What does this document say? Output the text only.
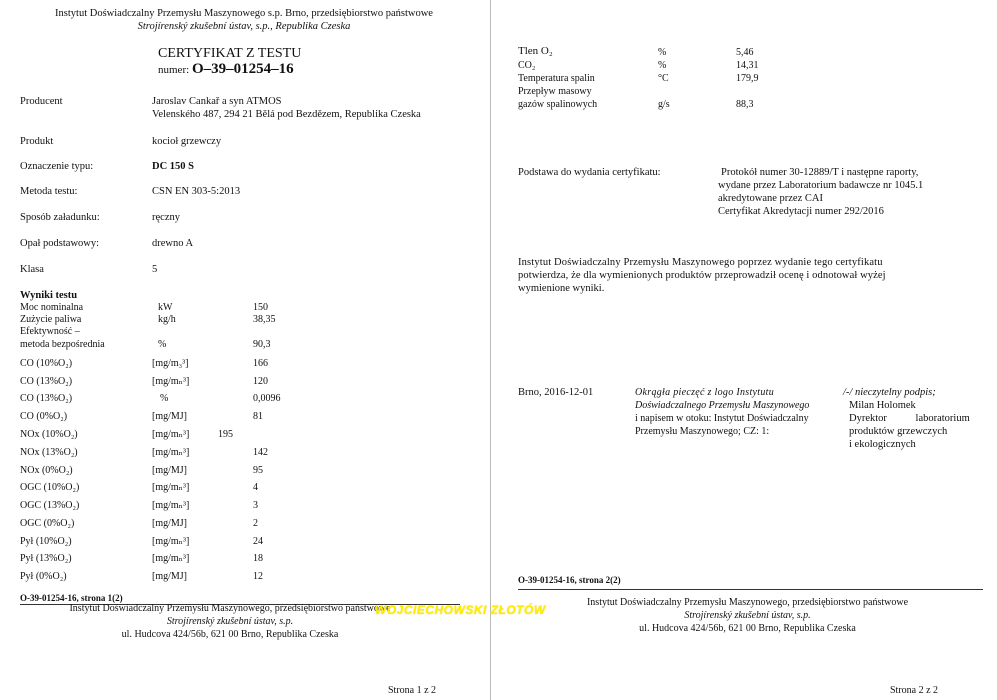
Instytut Doświadczalny Przemysłu Maszynowego s.p. Brno, przedsiębiorstwo państwowe
Strojírenský zkušební ústav, s.p., Republika Czeska
CERTYFIKAT Z TESTU
numer: O–39–01254–16
Producent	Jaroslav Cankař a syn ATMOS
Velenského 487, 294 21 Bělá pod Bezdězem, Republika Czeska
Produkt	kocioł grzewczy
Oznaczenie typu:	DC 150 S
Metoda testu:	CSN EN 303-5:2013
Sposób załadunku:	ręczny
Opał podstawowy:	drewno A
Klasa	5
Wyniki testu
Moc nominalna	kW	150
Zużycie paliwa	kg/h	38,35
Efektywność –
metoda bezpośrednia	%	90,3
CO (10%O₂)	[mg/m₃³]	166
CO (13%O₂)	[mg/mₙ³]	120
CO (13%O₂)	%	0,0096
CO (0%O₂)	[mg/MJ]	81
NOx (10%O₂)	[mg/mₙ³]	195
NOx (13%O₂)	[mg/mₙ³]	142
NOx (0%O₂)	[mg/MJ]	95
OGC (10%O₂)	[mg/mₙ³]	4
OGC (13%O₂)	[mg/mₙ³]	3
OGC (0%O₂)	[mg/MJ]	2
Pył (10%O₂)	[mg/mₙ³]	24
Pył (13%O₂)	[mg/mₙ³]	18
Pył (0%O₂)	[mg/MJ]	12
O-39-01254-16, strona 1(2)
Instytut Doświadczalny Przemysłu Maszynowego, przedsiębiorstwo państwowe
Strojírenský zkušební ústav, s.p.
ul. Hudcova 424/56b, 621 00 Brno, Republika Czeska
Strona 1 z 2
WOJCIECHOWSKI ZŁOTÓW
Tlen O₂	%	5,46
CO₂	%	14,31
Temperatura spalin	°C	179,9
Przepływ masowy
gazów spalinowych	g/s	88,3
Podstawa do wydania certyfikatu:	Protokół numer 30-12889/T i następne raporty,
wydane przez Laboratorium badawcze nr 1045.1
akredytowane przez CAI
Certyfikat Akredytacji numer 292/2016
Instytut Doświadczalny Przemysłu Maszynowego poprzez wydanie tego certyfikatu
potwierdza, że dla wymienionych produktów przeprowadził ocenę i odnotował wyżej
wymienione wyniki.
Brno, 2016-12-01	Okrągła pieczęć z logo Instytutu
Doświadczalnego Przemysłu Maszynowego
i napisem w otoku: Instytut Doświadczalny
Przemysłu Maszynowego; CZ: 1:
/-/ nieczytelny podpis;
Milan Holomek
Dyrektor laboratorium
produktów grzewczych
i ekologicznych
O-39-01254-16, strona 2(2)
Instytut Doświadczalny Przemysłu Maszynowego, przedsiębiorstwo państwowe
Strojírenský zkušební ústav, s.p.
ul. Hudcova 424/56b, 621 00 Brno, Republika Czeska
Strona 2 z 2
